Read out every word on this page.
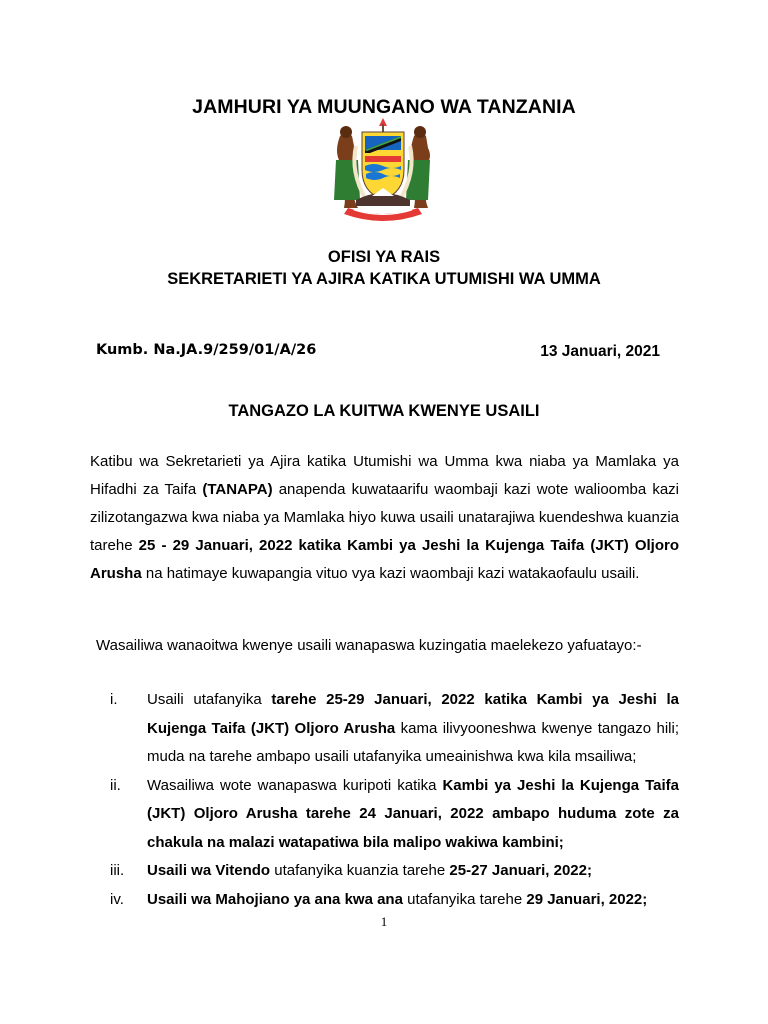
JAMHURI YA MUUNGANO WA TANZANIA
OFISI YA RAIS
SEKRETARIETI YA AJIRA KATIKA UTUMISHI WA UMMA
Kumb. Na.JA.9/259/01/A/26	13 Januari, 2021
TANGAZO LA KUITWA KWENYE USAILI
Katibu wa Sekretarieti ya Ajira katika Utumishi wa Umma kwa niaba ya Mamlaka ya Hifadhi za Taifa (TANAPA) anapenda kuwataarifu waombaji kazi wote walioomba kazi zilizotangazwa kwa niaba ya Mamlaka hiyo kuwa usaili unatarajiwa kuendeshwa kuanzia tarehe 25 - 29 Januari, 2022 katika Kambi ya Jeshi la Kujenga Taifa (JKT) Oljoro Arusha na hatimaye kuwapangia vituo vya kazi waombaji kazi watakaofaulu usaili.
Wasailiwa wanaoitwa kwenye usaili wanapaswa kuzingatia maelekezo yafuatayo:-
i.	Usaili utafanyika tarehe 25-29 Januari, 2022 katika Kambi ya Jeshi la Kujenga Taifa (JKT) Oljoro Arusha kama ilivyooneshwa kwenye tangazo hili; muda na tarehe ambapo usaili utafanyika umeainishwa kwa kila msailiwa;
ii.	Wasailiwa wote wanapaswa kuripoti katika Kambi ya Jeshi la Kujenga Taifa (JKT) Oljoro Arusha tarehe 24 Januari, 2022 ambapo huduma zote za chakula na malazi watapatiwa bila malipo wakiwa kambini;
iii.	Usaili wa Vitendo utafanyika kuanzia tarehe 25-27 Januari, 2022;
iv.	Usaili wa Mahojiano ya ana kwa ana utafanyika tarehe 29 Januari, 2022;
1
